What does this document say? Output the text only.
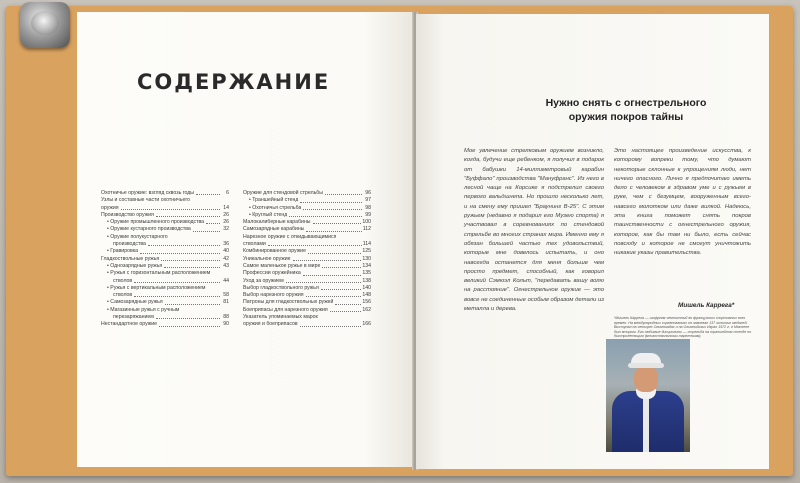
СОДЕРЖАНИЕ
Охотничье оружие: взгляд сквозь годы	6
Узлы и составные части охотничьего
оружия	14
Производство оружия	26
• Оружие промышленного производства	26
• Оружие кустарного производства	32
• Оружие полукустарного
производства	36
• Гравировка	40
Гладкоствольные ружья	42
• Однозарядные ружья	43
• Ружья с горизонтальным расположением
стволов	44
• Ружья с вертикальным расположением
стволов	58
• Самозарядные ружья	81
• Магазинные ружья с ручным
перезаряжанием	88
Нестандартное оружие	90
Оружие для стендовой стрельбы	96
• Траншейный стенд	97
• Охотничья стрельба	98
• Круглый стенд	99
Малокалиберные карабины	100
Самозарядные карабины	112
Нарезное оружие с откидывающимися
стволами	114
Комбинированное оружие	125
Уникальное оружие	130
Самое маленькое ружье в мире	134
Профессии оружейника	135
Уход за оружием	138
Выбор гладкоствольного ружья	140
Выбор нарезного оружия	148
Патроны для гладкоствольных ружей	156
Боеприпасы для нарезного оружия	162
Указатель упоминаемых марок
оружия и боеприпасов	166
Нужно снять с огнестрельного
оружия покров тайны
Мое увлечение стрелковым оружием возникло, когда, будучи еще ребенком, я получил в подарок от бабушки 14-миллиметровый карабин "Буффало" производства "Мануфранс". Из него в лесной чаще на Корсике я подстрелил своего первого вальдшнепа. Но прошло несколько лет, и на смену ему пришел "Браунинг В-25". С этим ружьем (недавно я подарил его Музею спорта) я участвовал в соревнованиях по стендовой стрельбе во многих странах мира. Именно ему я обязан большей частью тех удовольствий, которые мне довелось испытать, и оно навсегда останется для меня больше чем просто предмет, способный, как говорил великий Сэмюэл Кольт, "передавать вашу волю на расстояние". Огнестрельное оружие — это вовсе не соединенные особым образом детали из металла и дерева.
Это настоящее произведение искусства, к которому вопреки тому, что думают некоторые склонные к упрощениям люди, нет ничего опасного. Лично я предпочитаю иметь дело с человеком в здравом уме и с ружьем в руке, чем с безумцем, вооруженным всего-навсего молотком или даже вилкой. Надеюсь, эта книга поможет снять покров таинственности с огнестрельного оружия, которое, как бы там ни было, есть сейчас повсюду и которое не смогут уничтожить никакие указы правительства.
Мишель Каррега*
*Мишель Каррега — шофрная чемпионный во французских спортивных всех времен. На международных соревнованиях он завоевал 137 золотых медалей. Выступал на четырех Олимпиадах и на Олимпийских Играх 1972 г. в Мюнхене был вторым. Его любимые дисциплины — стрельба на траншейном стенде по быстролетящим (многоствольными тарелочкам).
